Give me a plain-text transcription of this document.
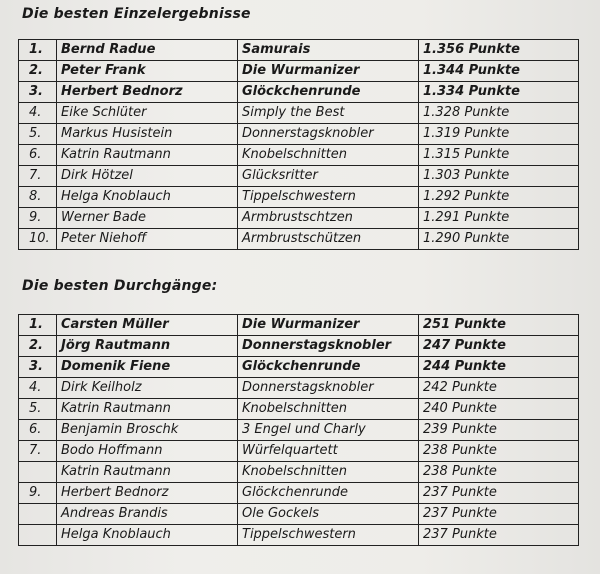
Die besten Einzelergebnisse
1.	Bernd Radue	Samurais	1.356 Punkte
2.	Peter Frank	Die Wurmanizer	1.344 Punkte
3.	Herbert Bednorz	Glöckchenrunde	1.334 Punkte
4.	Eike Schlüter	Simply the Best	1.328 Punkte
5.	Markus Husistein	Donnerstagsknobler	1.319 Punkte
6.	Katrin Rautmann	Knobelschnitten	1.315 Punkte
7.	Dirk Hötzel	Glücksritter	1.303 Punkte
8.	Helga Knoblauch	Tippelschwestern	1.292 Punkte
9.	Werner Bade	Armbrustschtzen	1.291 Punkte
10.	Peter Niehoff	Armbrustschützen	1.290 Punkte
Die besten Durchgänge:
1.	Carsten Müller	Die Wurmanizer	251 Punkte
2.	Jörg Rautmann	Donnerstagsknobler	247 Punkte
3.	Domenik Fiene	Glöckchenrunde	244 Punkte
4.	Dirk Keilholz	Donnerstagsknobler	242 Punkte
5.	Katrin Rautmann	Knobelschnitten	240 Punkte
6.	Benjamin Broschk	3 Engel und Charly	239 Punkte
7.	Bodo Hoffmann	Würfelquartett	238 Punkte
	Katrin Rautmann	Knobelschnitten	238 Punkte
9.	Herbert Bednorz	Glöckchenrunde	237 Punkte
	Andreas Brandis	Ole Gockels	237 Punkte
	Helga Knoblauch	Tippelschwestern	237 Punkte
